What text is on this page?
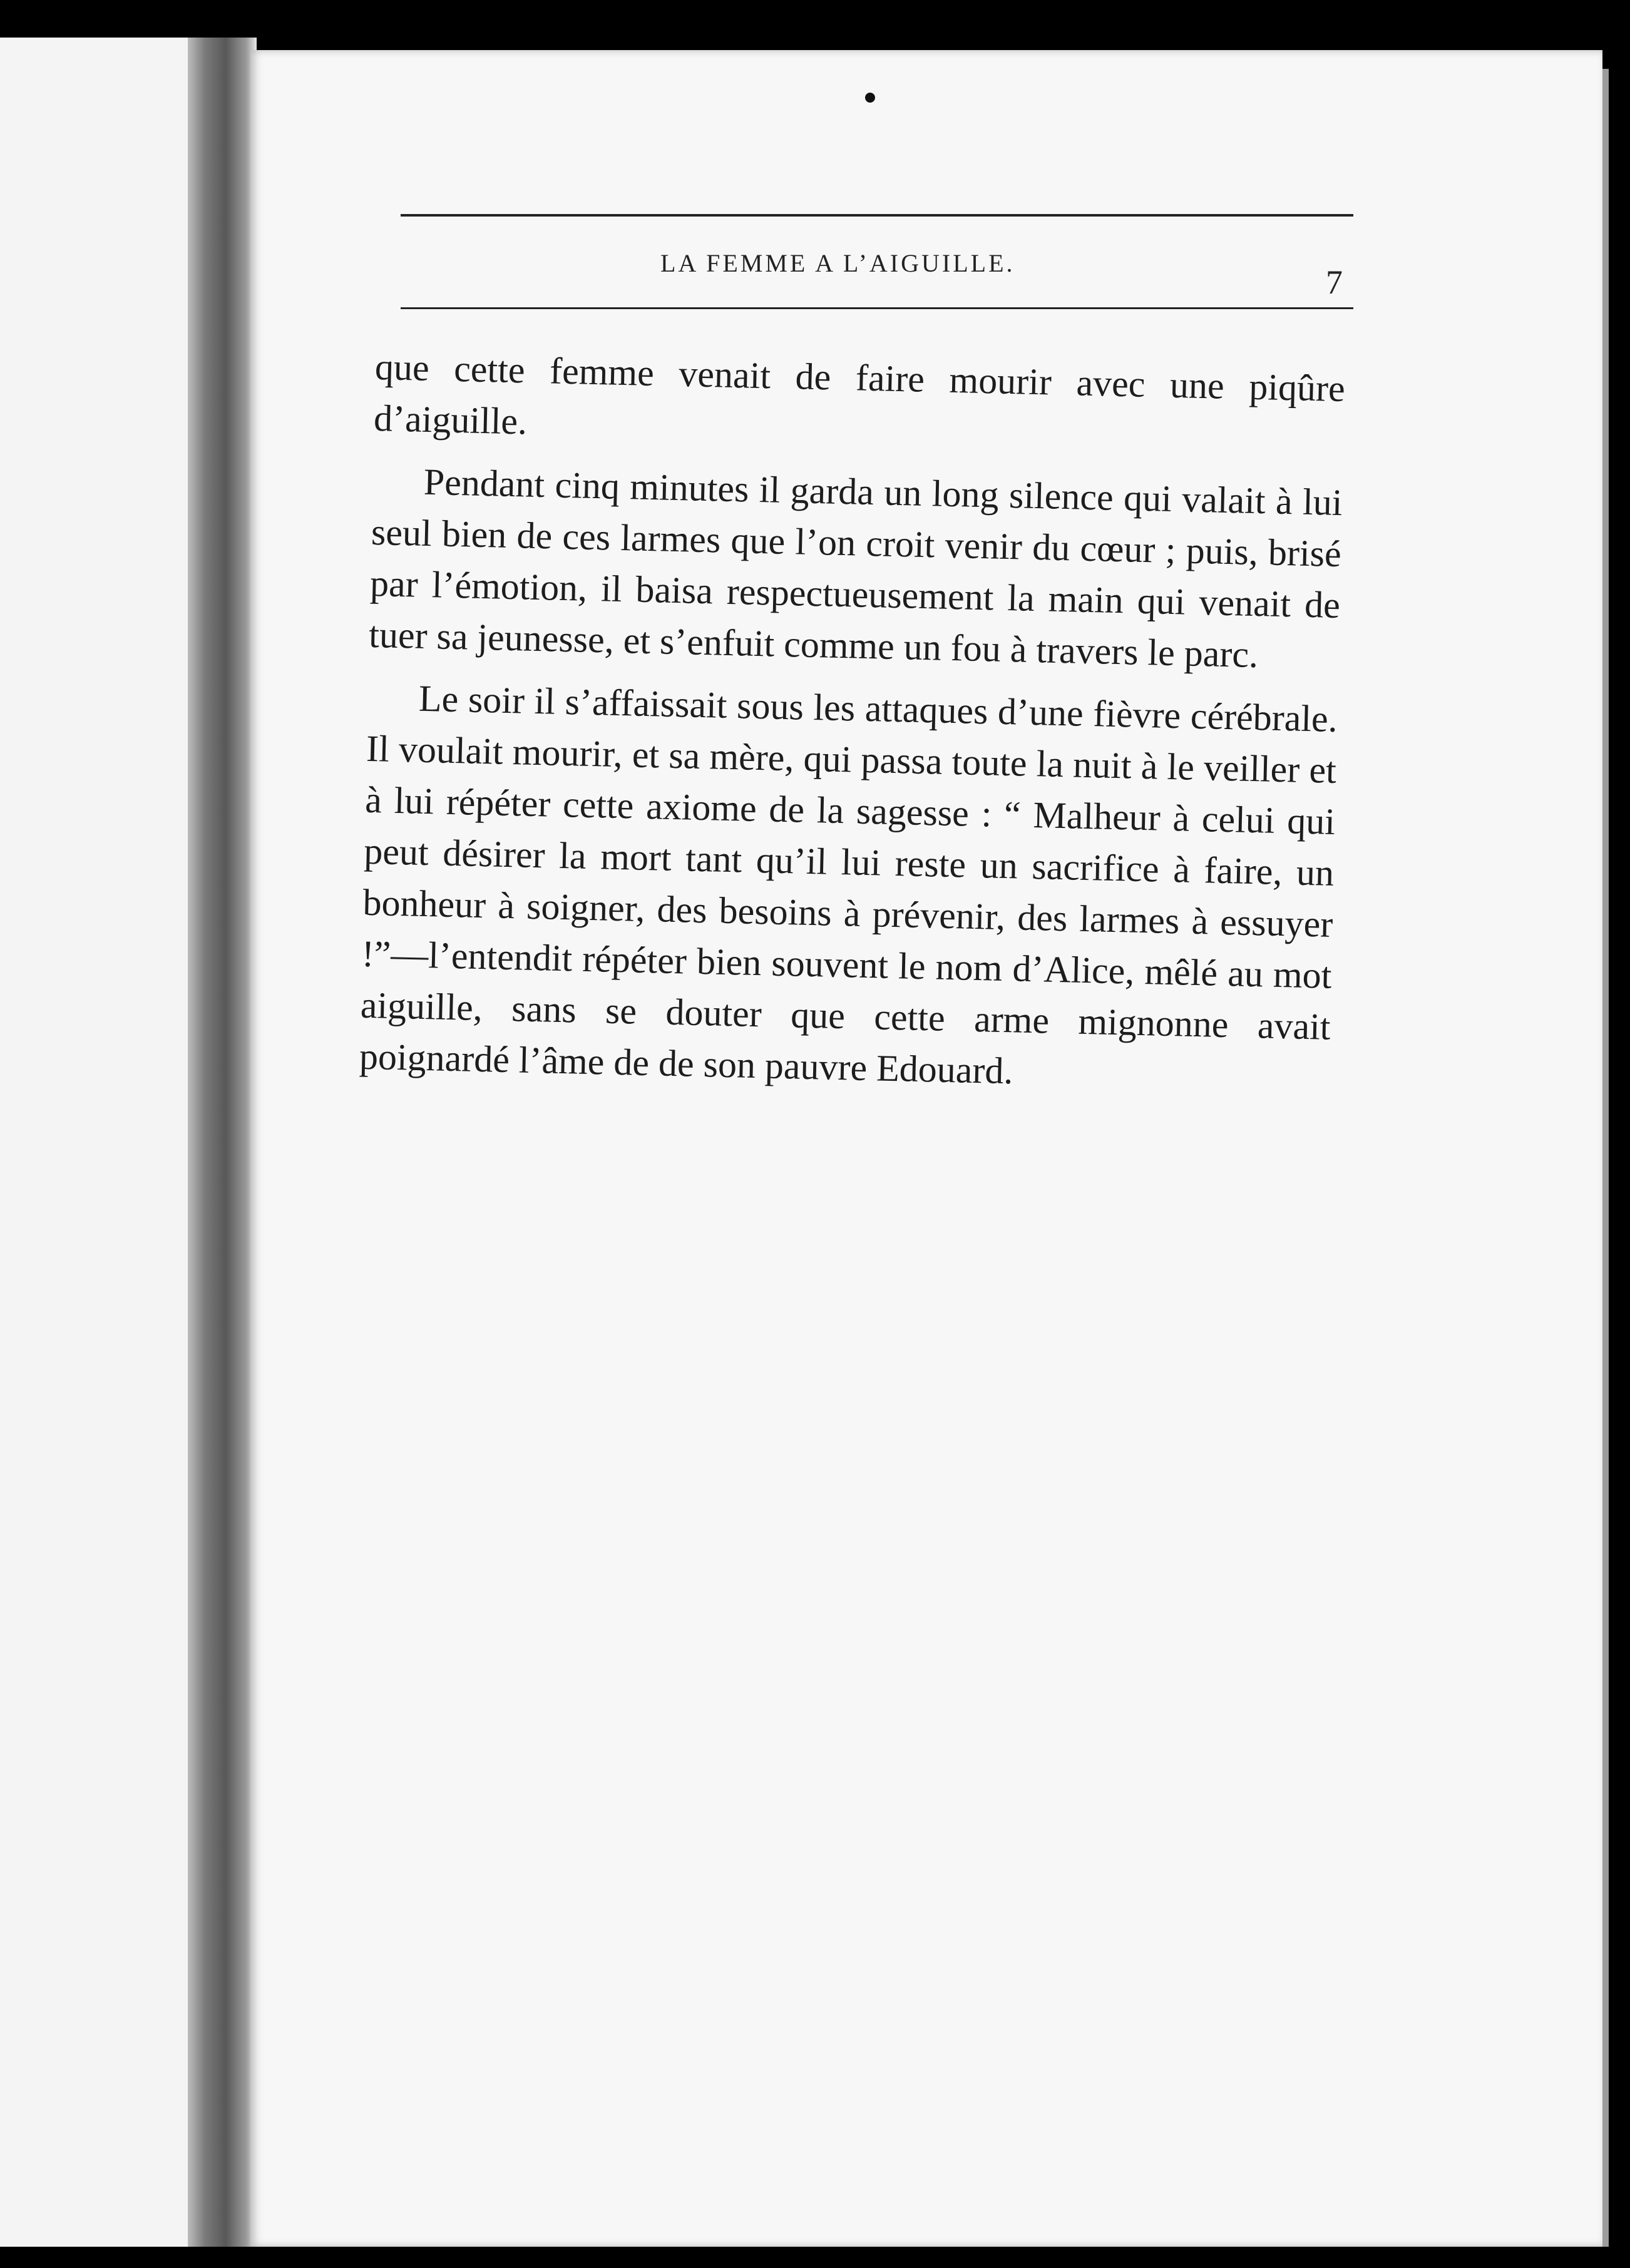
LA FEMME A L’AIGUILLE.
7

que cette femme venait de faire mourir avec une piqûre d’aiguille.

Pendant cinq minutes il garda un long silence qui valait à lui seul bien de ces larmes que l’on croit venir du cœur ; puis, brisé par l’émotion, il baisa respectueusement la main qui venait de tuer sa jeunesse, et s’enfuit comme un fou à travers le parc.

Le soir il s’affaissait sous les attaques d’une fièvre cérébrale. Il voulait mourir, et sa mère, qui passa toute la nuit à le veiller et à lui répéter cette axiome de la sagesse : “ Malheur à celui qui peut désirer la mort tant qu’il lui reste un sacrifice à faire, un bonheur à soigner, des besoins à prévenir, des larmes à essuyer !”—l’entendit répéter bien souvent le nom d’Alice, mêlé au mot aiguille, sans se douter que cette arme mignonne avait poignardé l’âme de de son pauvre Edouard.
